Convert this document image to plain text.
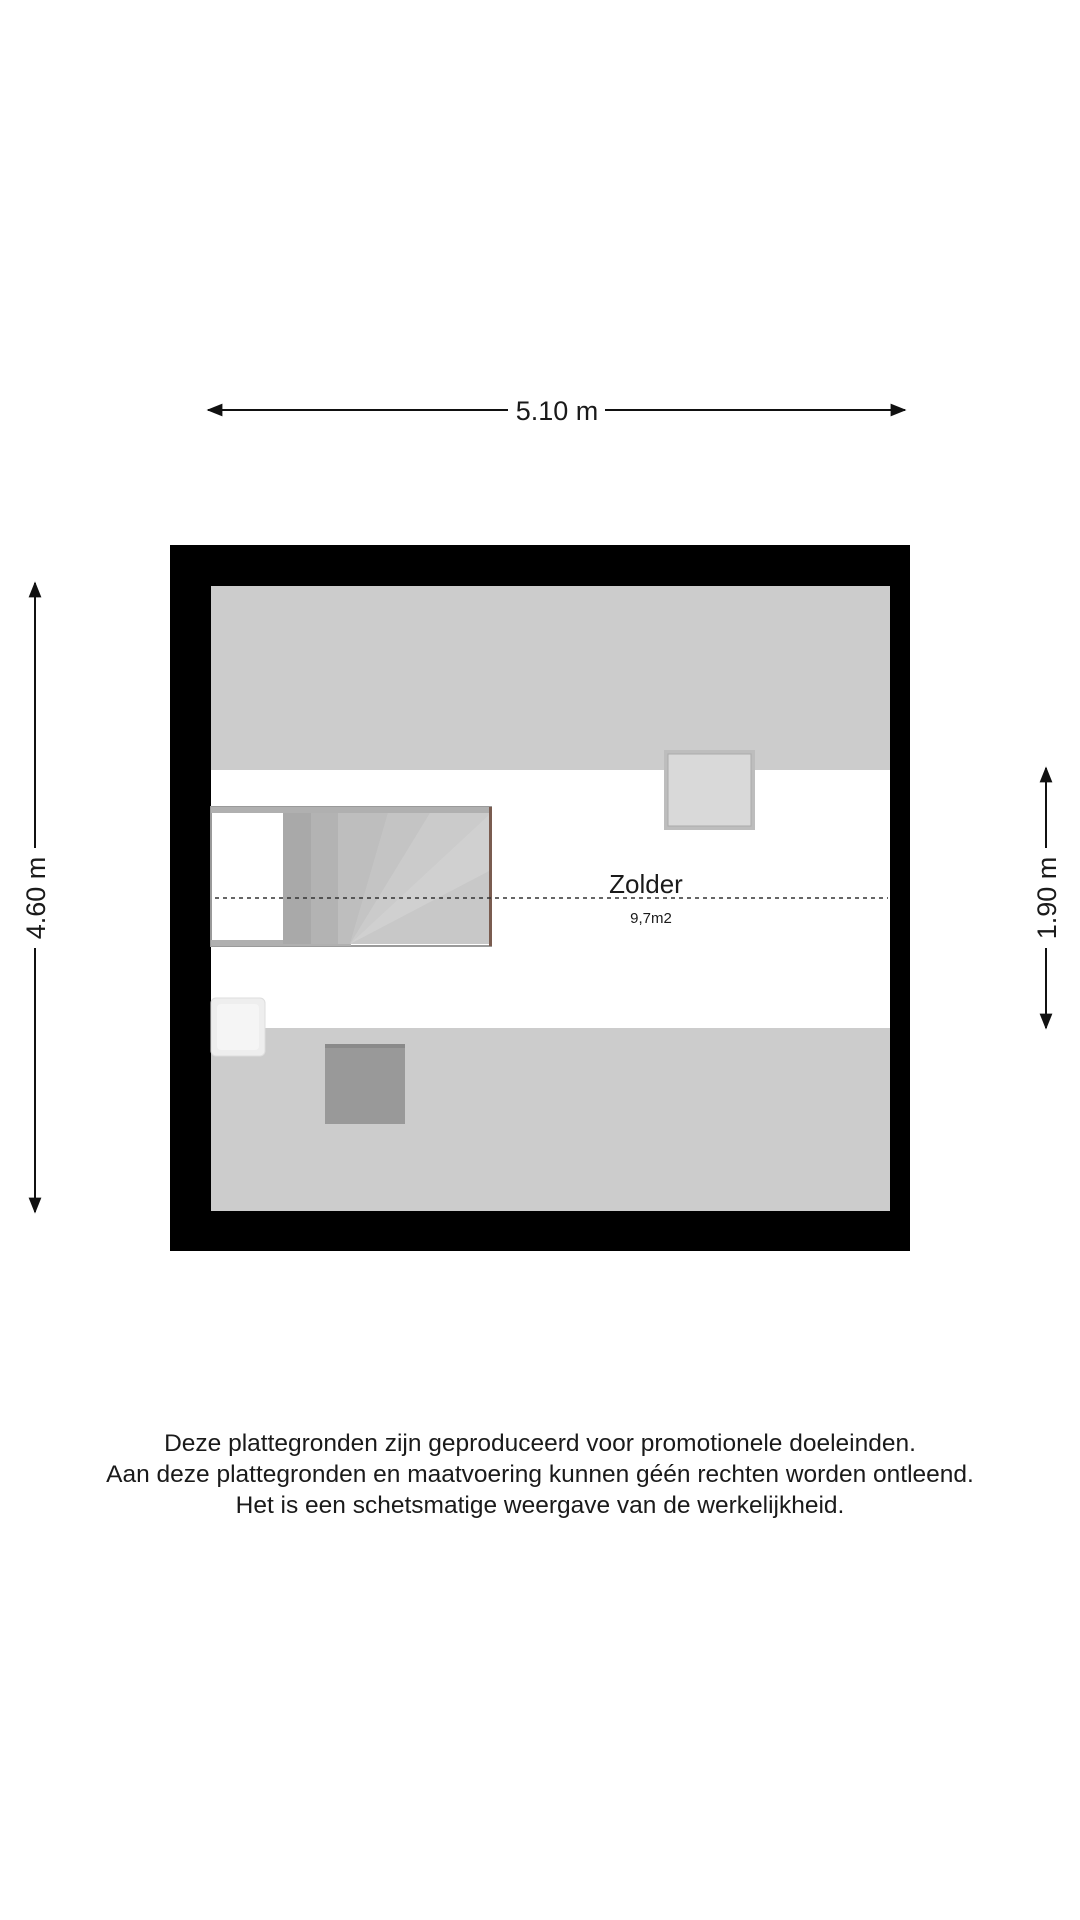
5.10 m
4.60 m	1.90 m
Zolder
9,7m2
Deze plattegronden zijn geproduceerd voor promotionele doeleinden.
Aan deze plattegronden en maatvoering kunnen géén rechten worden ontleend.
Het is een schetsmatige weergave van de werkelijkheid.
